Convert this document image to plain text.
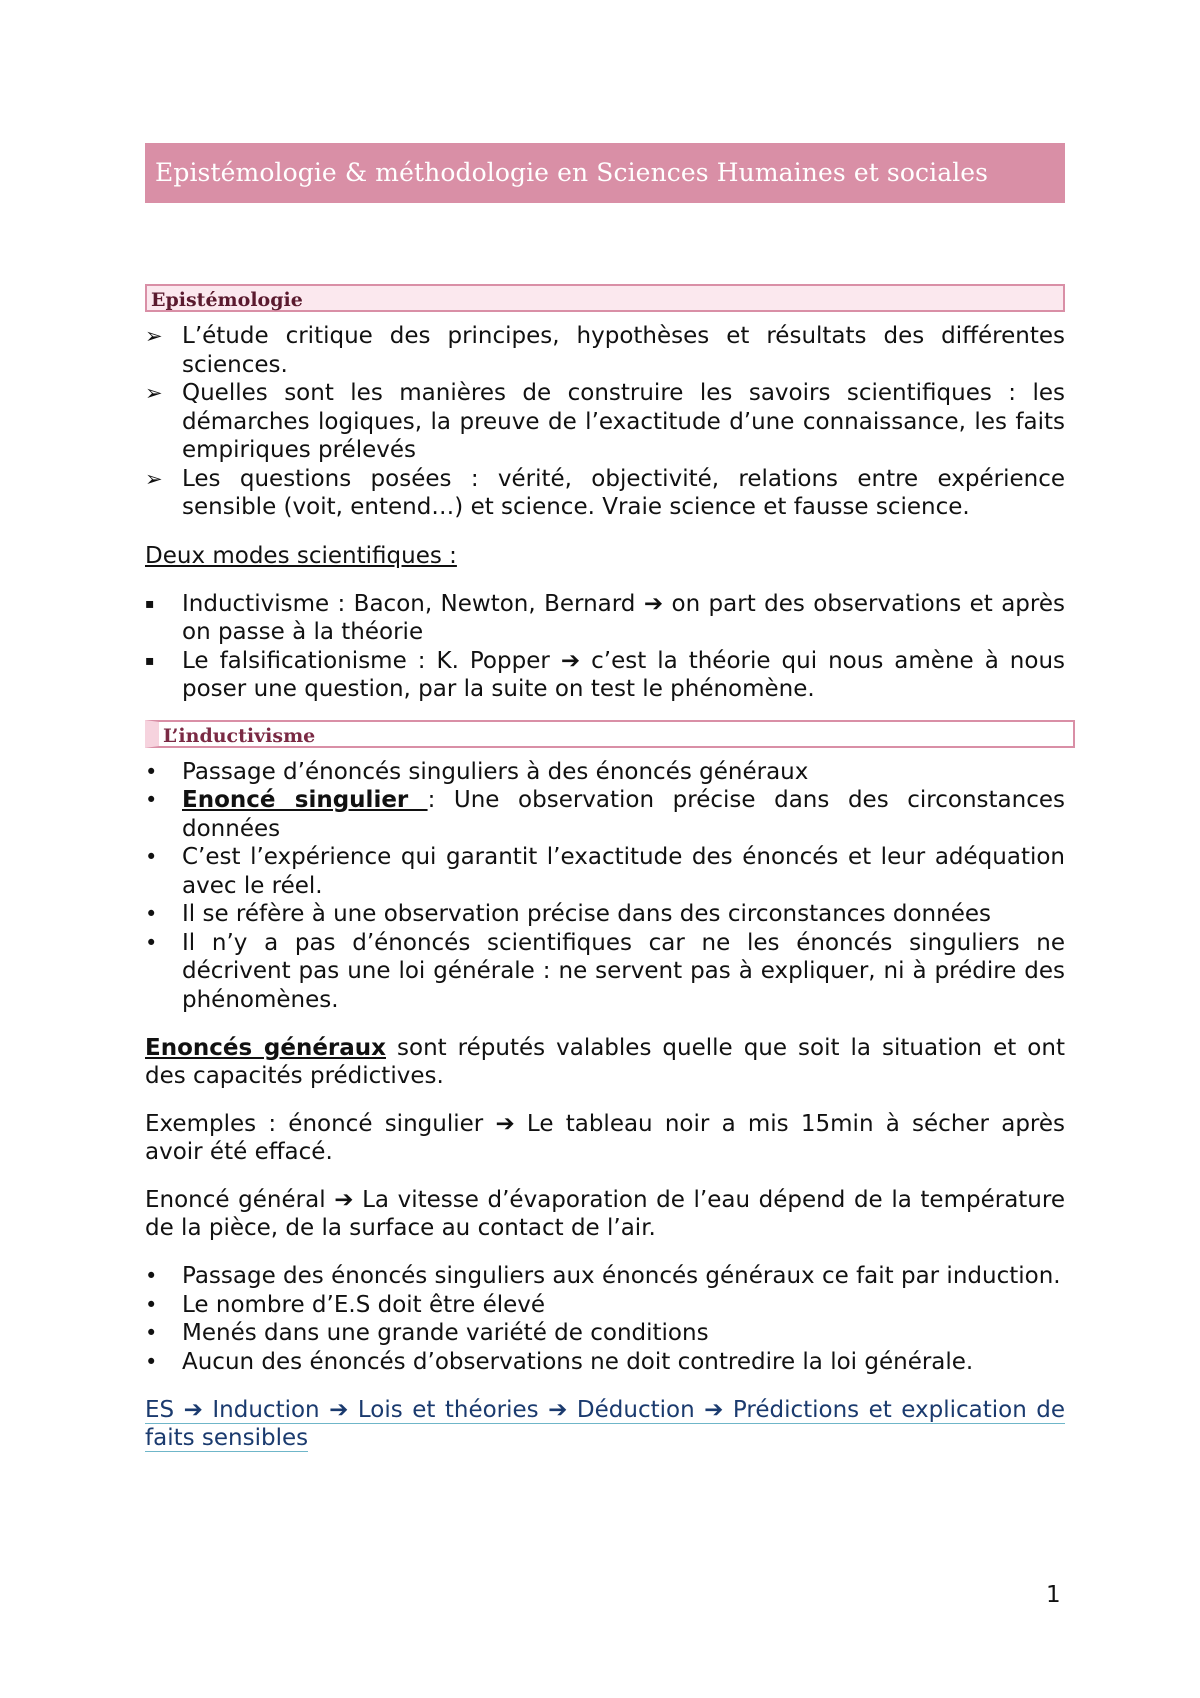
Epistémologie & méthodologie en Sciences Humaines et sociales
Epistémologie
➢ L’étude critique des principes, hypothèses et résultats des différentes sciences.
➢ Quelles sont les manières de construire les savoirs scientifiques : les démarches logiques, la preuve de l’exactitude d’une connaissance, les faits empiriques prélevés
➢ Les questions posées : vérité, objectivité, relations entre expérience sensible (voit, entend…) et science. Vraie science et fausse science.
Deux modes scientifiques :
▪	Inductivisme : Bacon, Newton, Bernard ➔ on part des observations et après on passe à la théorie
▪	Le falsificationisme : K. Popper ➔ c’est la théorie qui nous amène à nous poser une question, par la suite on test le phénomène.
L’inductivisme
•	Passage d’énoncés singuliers à des énoncés généraux
•	Enoncé singulier : Une observation précise dans des circonstances données
•	C’est l’expérience qui garantit l’exactitude des énoncés et leur adéquation avec le réel.
•	Il se réfère à une observation précise dans des circonstances données
•	Il n’y a pas d’énoncés scientifiques car ne les énoncés singuliers ne décrivent pas une loi générale : ne servent pas à expliquer, ni à prédire des phénomènes.
Enoncés généraux sont réputés valables quelle que soit la situation et ont des capacités prédictives.
Exemples : énoncé singulier ➔ Le tableau noir a mis 15min à sécher après avoir été effacé.
Enoncé général ➔ La vitesse d’évaporation de l’eau dépend de la température de la pièce, de la surface au contact de l’air.
•	Passage des énoncés singuliers aux énoncés généraux ce fait par induction.
•	Le nombre d’E.S doit être élevé
•	Menés dans une grande variété de conditions
•	Aucun des énoncés d’observations ne doit contredire la loi générale.
ES ➔ Induction ➔ Lois et théories ➔ Déduction ➔ Prédictions et explication de faits sensibles
1
